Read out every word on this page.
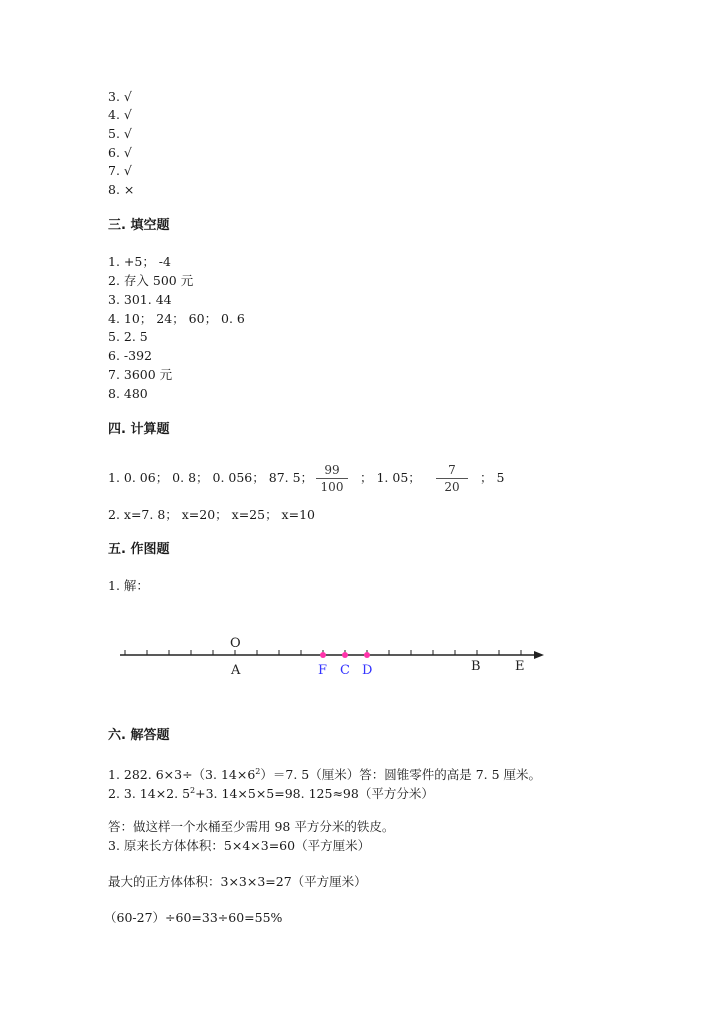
3. √
4. √
5. √
6. √
7. √
8. ×
三. 填空题
1. +5； -4
2. 存入 500 元
3. 301. 44
4. 10； 24； 60； 0. 6
5. 2. 5
6. -392
7. 3600 元
8. 480
四. 计算题
1. 0. 06； 0. 8； 0. 056； 87. 5； 99
100
； 1. 05；	7
20
； 5
2. x=7. 8； x=20； x=25； x=10
五. 作图题
1. 解：
O
A	F C D	B	E
六. 解答题
1. 282. 6×3÷（3. $14\times 6^2)=7$. 5（厘米）答：圆锥零件的高是 7. 5 厘米。
2. 3. 14×2. $5^2+3$. 14×5×5=98. 125≈98（平方分米）
答：做这样一个水桶至少需用 98 平方分米的铁皮。
3. 原来长方体体积：5×4×3=60（平方厘米）
最大的正方体体积：3×3×3=27（平方厘米）
（60-27）÷60=33÷60=55%
